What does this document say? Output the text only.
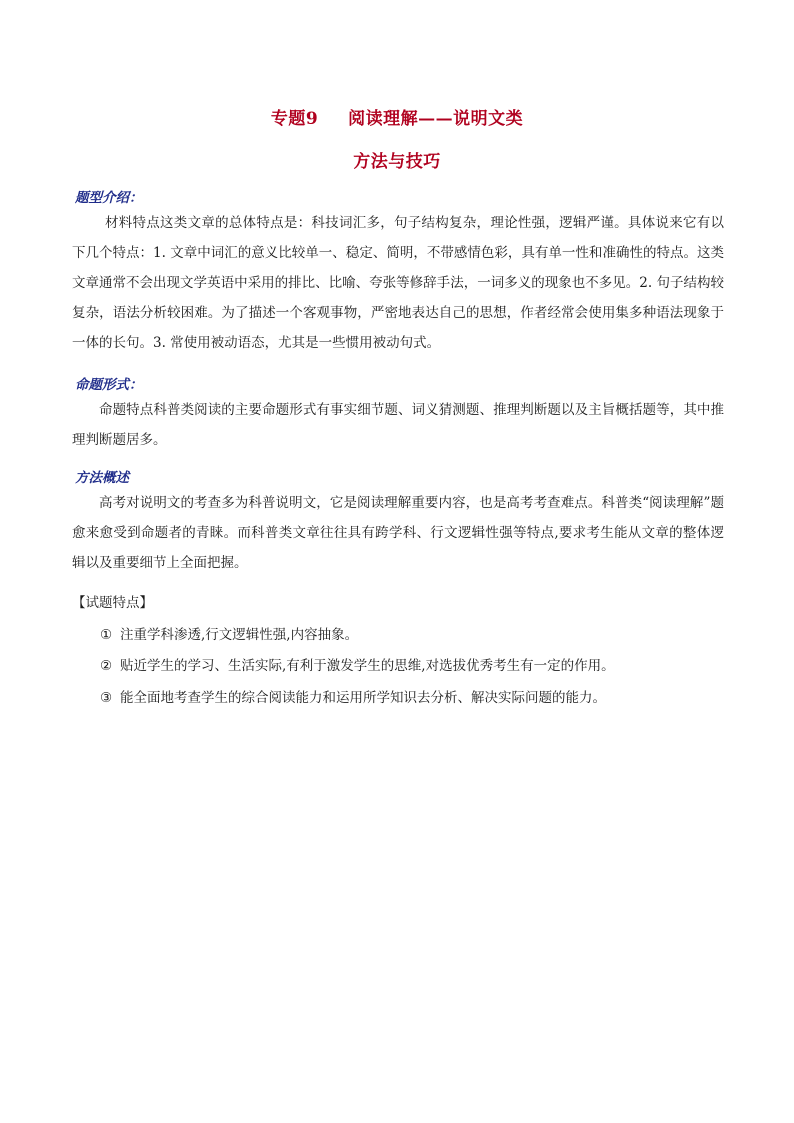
专题9 阅读理解——说明文类
方法与技巧
题型介绍：

材料特点这类文章的总体特点是：科技词汇多，句子结构复杂，理论性强，逻辑严谨。具体说来它有以下几个特点：1. 文章中词汇的意义比较单一、稳定、简明，不带感情色彩，具有单一性和准确性的特点。这类文章通常不会出现文学英语中采用的排比、比喻、夸张等修辞手法，一词多义的现象也不多见。2. 句子结构较复杂，语法分析较困难。为了描述一个客观事物，严密地表达自己的思想，作者经常会使用集多种语法现象于一体的长句。3. 常使用被动语态，尤其是一些惯用被动句式。

命题形式：

命题特点科普类阅读的主要命题形式有事实细节题、词义猜测题、推理判断题以及主旨概括题等，其中推理判断题居多。

方法概述

高考对说明文的考查多为科普说明文，它是阅读理解重要内容，也是高考考查难点。科普类“阅读理解”题愈来愈受到命题者的青睐。而科普类文章往往具有跨学科、行文逻辑性强等特点,要求考生能从文章的整体逻辑以及重要细节上全面把握。

【试题特点】
① 注重学科渗透,行文逻辑性强,内容抽象。
② 贴近学生的学习、生活实际,有利于激发学生的思维,对选拔优秀考生有一定的作用。
③ 能全面地考查学生的综合阅读能力和运用所学知识去分析、解决实际问题的能力。
